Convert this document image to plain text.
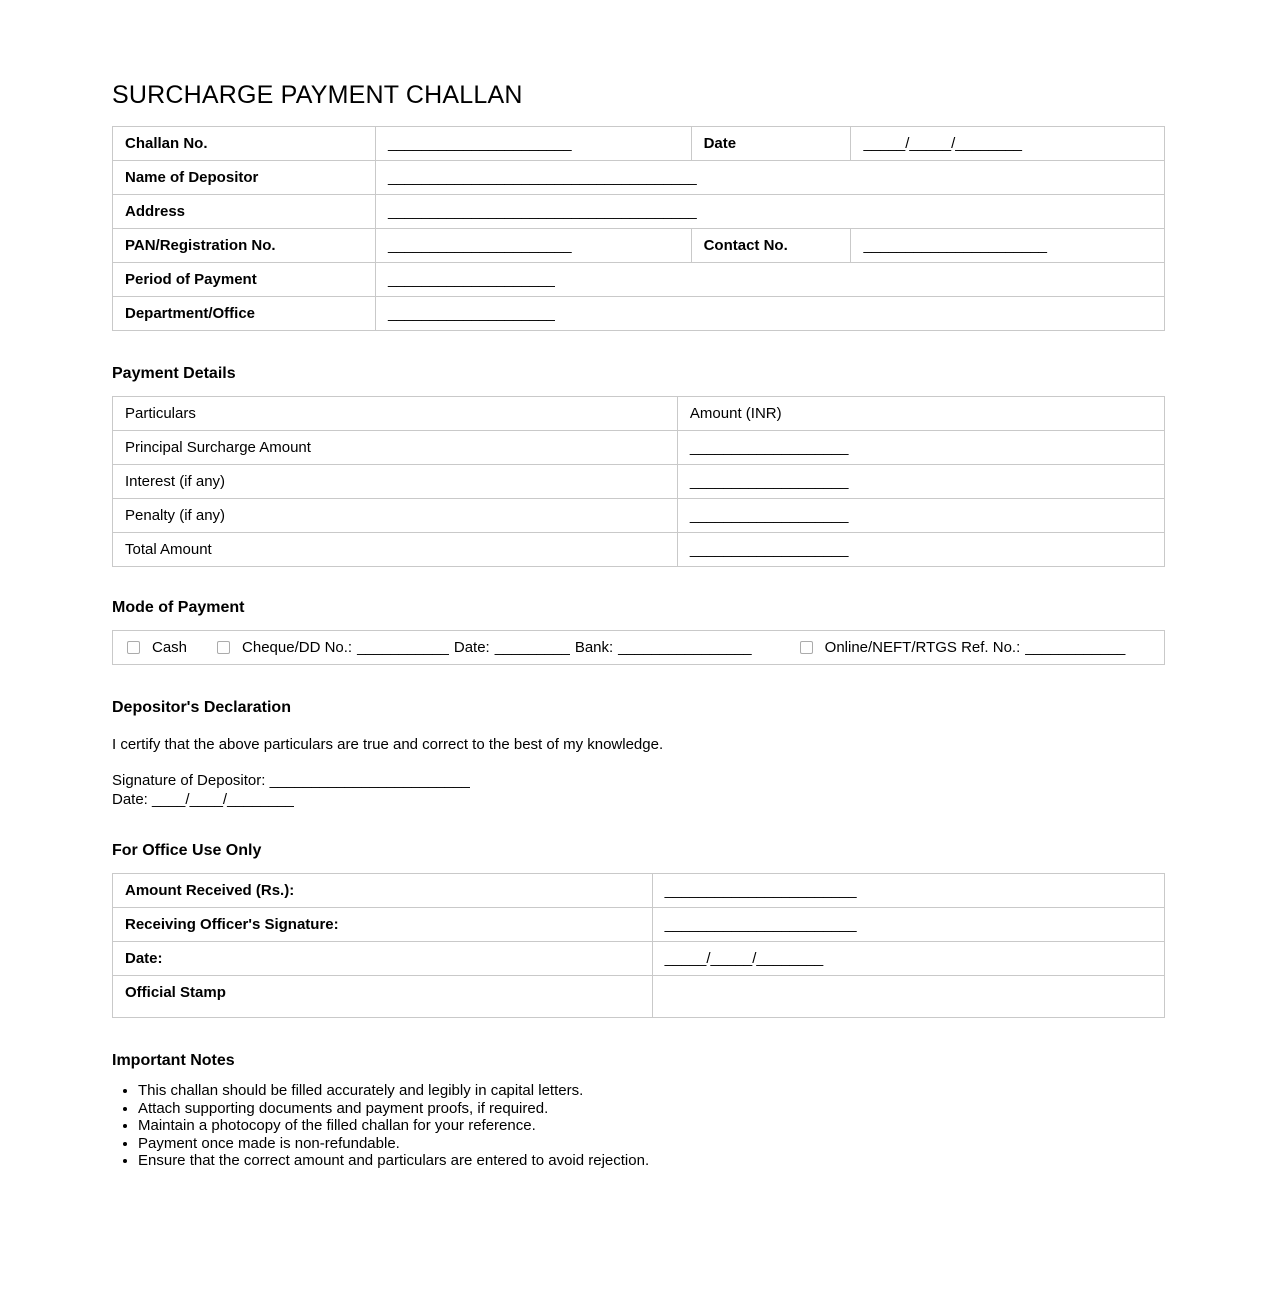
SURCHARGE PAYMENT CHALLAN
Challan No.	______________________	Date	_____/_____/________
Name of Depositor	_____________________________________		
Address	_____________________________________		
PAN/Registration No.	______________________	Contact No.	______________________
Period of Payment	____________________		
Department/Office	____________________		
Payment Details
Particulars	Amount (INR)
Principal Surcharge Amount	___________________
Interest (if any)	___________________
Penalty (if any)	___________________
Total Amount	___________________
Mode of Payment
Cash	Cheque/DD No.: ___________ Date: _________ Bank: ________________	Online/NEFT/RTGS Ref. No.: ____________
Depositor's Declaration

I certify that the above particulars are true and correct to the best of my knowledge.

Signature of Depositor: ________________________
Date: ____/____/________
For Office Use Only
Amount Received (Rs.):	_______________________
Receiving Officer's Signature:	_______________________
Date:	_____/_____/________
Official Stamp	
Important Notes
• This challan should be filled accurately and legibly in capital letters.
• Attach supporting documents and payment proofs, if required.
• Maintain a photocopy of the filled challan for your reference.
• Payment once made is non-refundable.
• Ensure that the correct amount and particulars are entered to avoid rejection.
